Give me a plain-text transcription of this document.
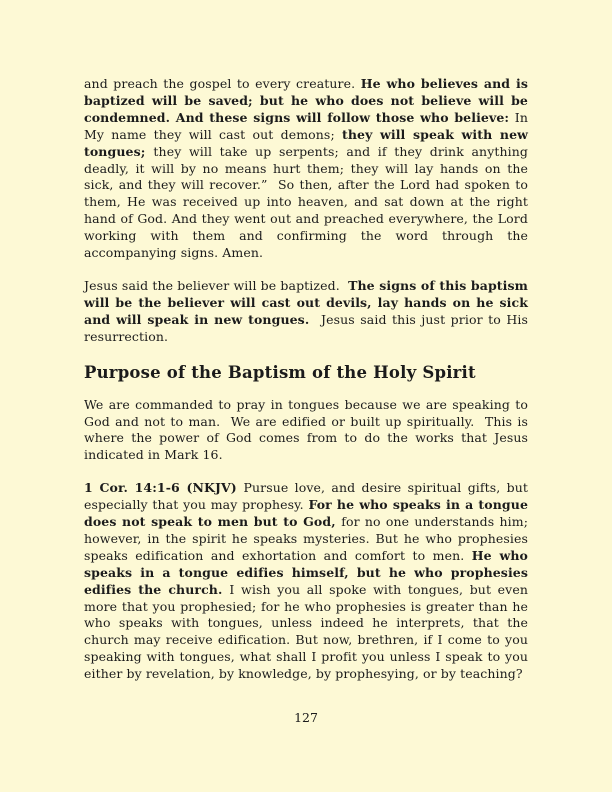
and preach the gospel to every creature. He who believes and is baptized will be saved; but he who does not believe will be condemned. And these signs will follow those who believe: In My name they will cast out demons; they will speak with new tongues; they will take up serpents; and if they drink anything deadly, it will by no means hurt them; they will lay hands on the sick, and they will recover.”  So then, after the Lord had spoken to them, He was received up into heaven, and sat down at the right hand of God. And they went out and preached everywhere, the Lord working with them and confirming the word through the accompanying signs. Amen.

Jesus said the believer will be baptized.  The signs of this baptism will be the believer will cast out devils, lay hands on he sick and will speak in new tongues.  Jesus said this just prior to His resurrection.

Purpose of the Baptism of the Holy Spirit

We are commanded to pray in tongues because we are speaking to God and not to man.  We are edified or built up spiritually.  This is where the power of God comes from to do the works that Jesus indicated in Mark 16.

1 Cor. 14:1-6 (NKJV) Pursue love, and desire spiritual gifts, but especially that you may prophesy. For he who speaks in a tongue does not speak to men but to God, for no one understands him; however, in the spirit he speaks mysteries. But he who prophesies speaks edification and exhortation and comfort to men. He who speaks in a tongue edifies himself, but he who prophesies edifies the church. I wish you all spoke with tongues, but even more that you prophesied; for he who prophesies is greater than he who speaks with tongues, unless indeed he interprets, that the church may receive edification. But now, brethren, if I come to you speaking with tongues, what shall I profit you unless I speak to you either by revelation, by knowledge, by prophesying, or by teaching?

127
